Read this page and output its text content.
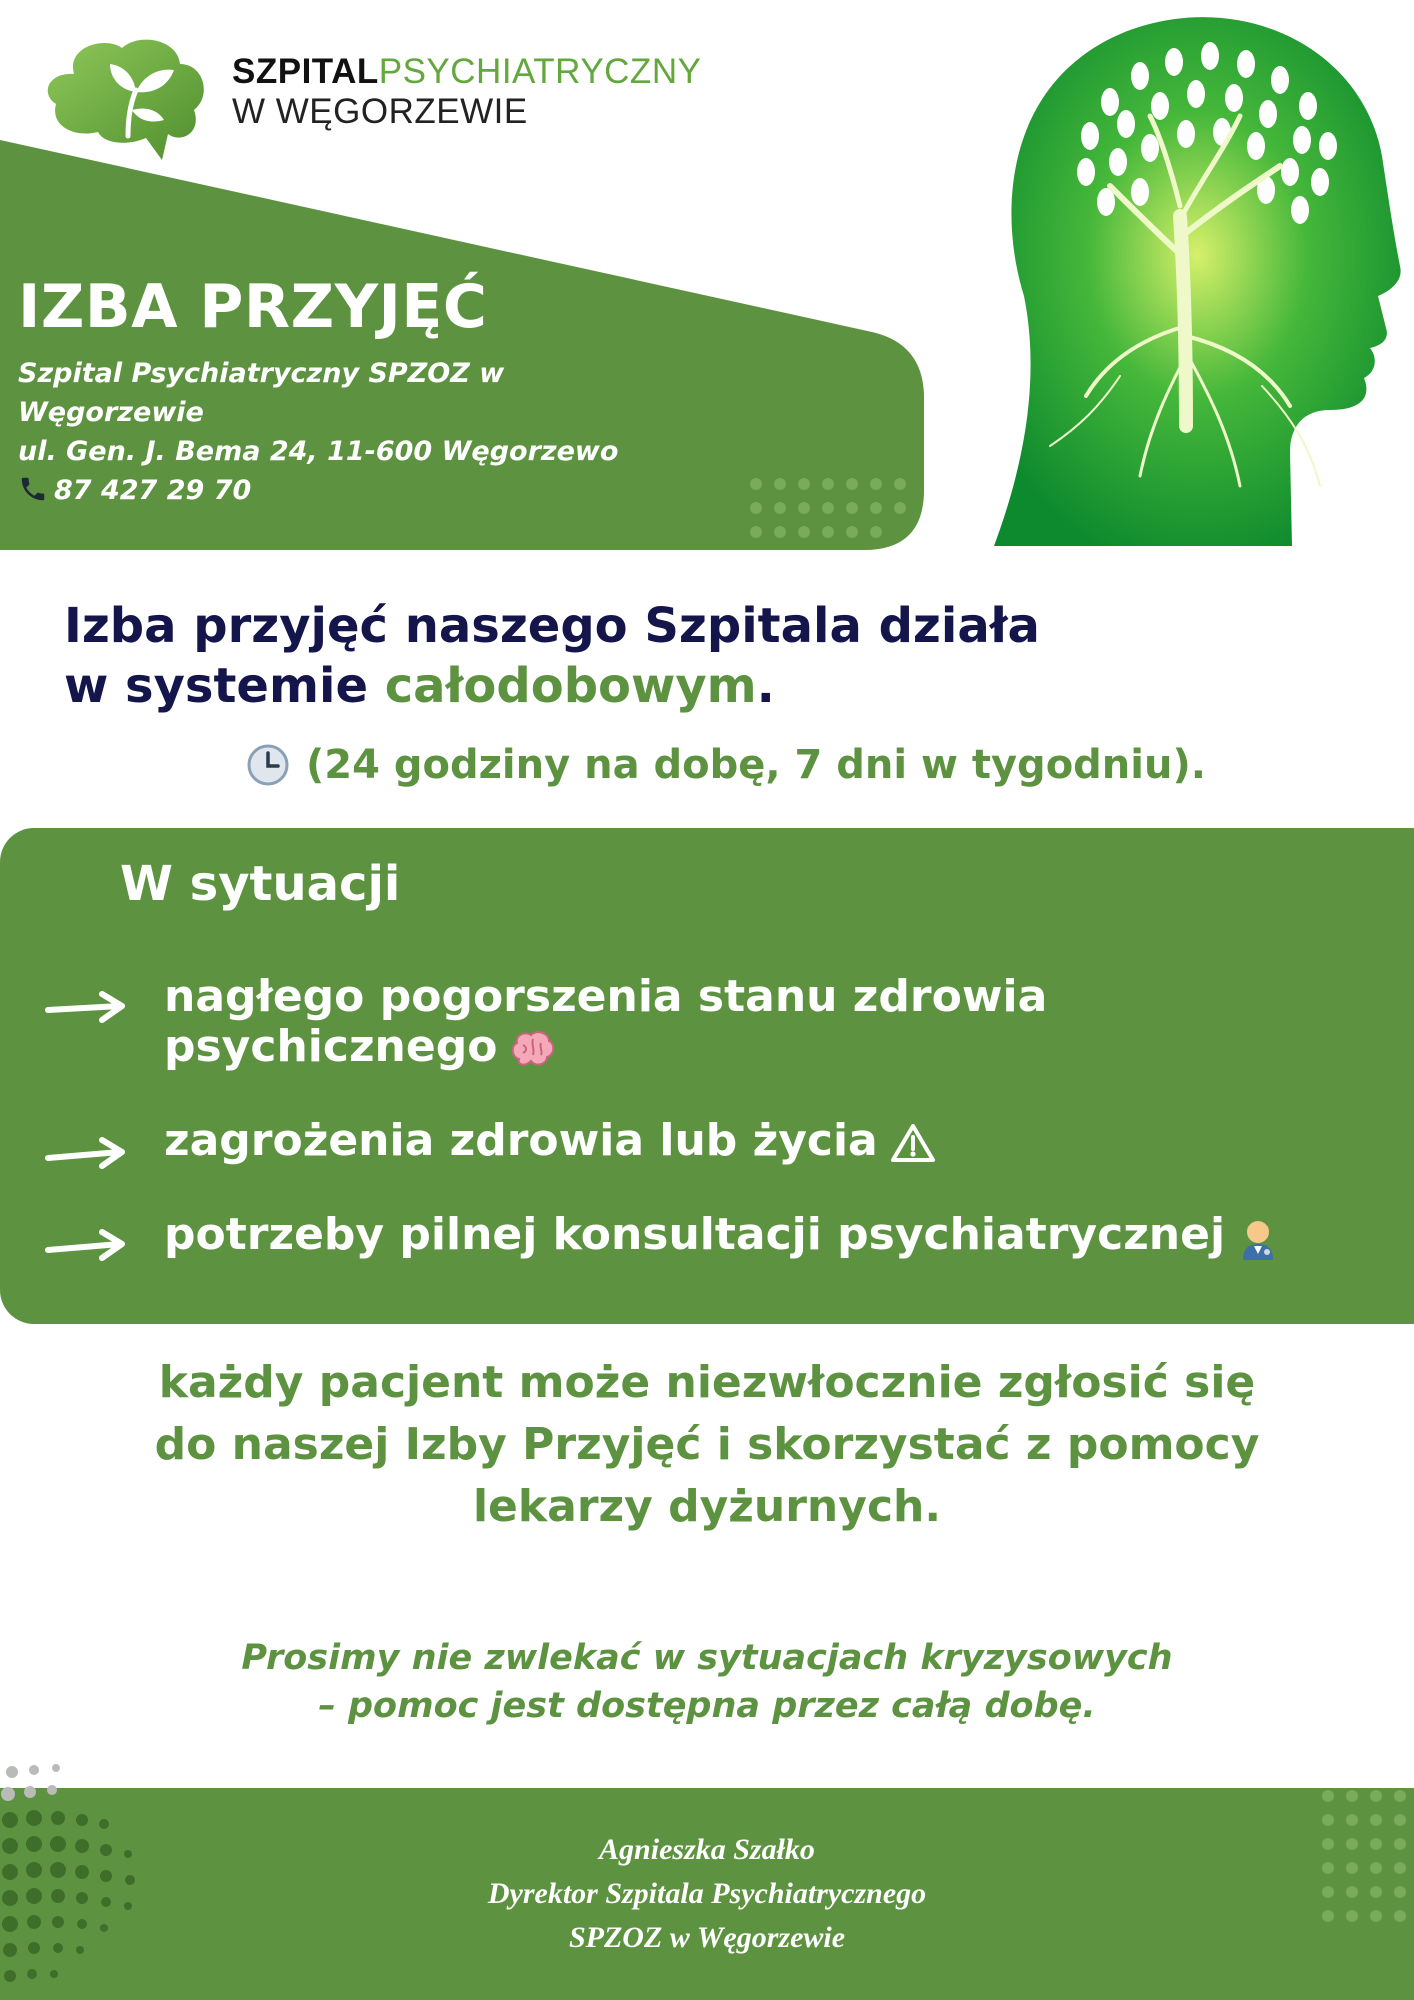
SZPITALPSYCHIATRYCZNY
W WĘGORZEWIE
IZBA PRZYJĘĆ
Szpital Psychiatryczny SPZOZ w
Węgorzewie
ul. Gen. J. Bema 24, 11-600 Węgorzewo
87 427 29 70
Izba przyjęć naszego Szpitala działa
w systemie całodobowym.
(24 godziny na dobę, 7 dni w tygodniu).
W sytuacji
nagłego pogorszenia stanu zdrowia
psychicznego
zagrożenia zdrowia lub życia
potrzeby pilnej konsultacji psychiatrycznej
każdy pacjent może niezwłocznie zgłosić się
do naszej Izby Przyjęć i skorzystać z pomocy
lekarzy dyżurnych.
Prosimy nie zwlekać w sytuacjach kryzysowych
– pomoc jest dostępna przez całą dobę.
Agnieszka Szałko
Dyrektor Szpitala Psychiatrycznego
SPZOZ w Węgorzewie
